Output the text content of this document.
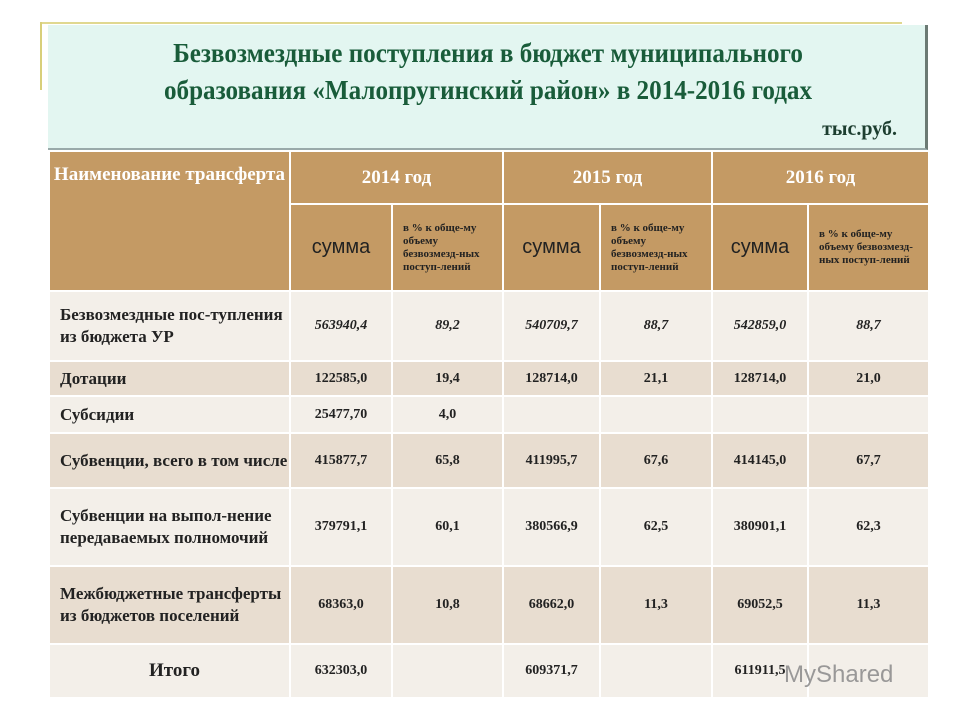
Безвозмездные поступления в бюджет муниципального
образования «Малопругинский район» в 2014-2016 годах
тыс.руб.
Наименование трансферта	2014 год		2015 год		2016 год	
	сумма	в % к обще-му объему безвозмезд-ных поступ-лений	сумма	в % к обще-му объему безвозмезд-ных поступ-лений	сумма	в % к обще-му объему безвозмезд-ных поступ-лений
Безвозмездные пос-тупления из бюджета УР	563940,4	89,2	540709,7	88,7	542859,0	88,7
Дотации	122585,0	19,4	128714,0	21,1	128714,0	21,0
Субсидии	25477,70	4,0				
Субвенции, всего в том числе	415877,7	65,8	411995,7	67,6	414145,0	67,7
Субвенции на выпол-нение передаваемых полномочий	379791,1	60,1	380566,9	62,5	380901,1	62,3
Межбюджетные трансферты из бюджетов поселений	68363,0	10,8	68662,0	11,3	69052,5	11,3
Итого	632303,0		609371,7		611911,5	
MyShared
